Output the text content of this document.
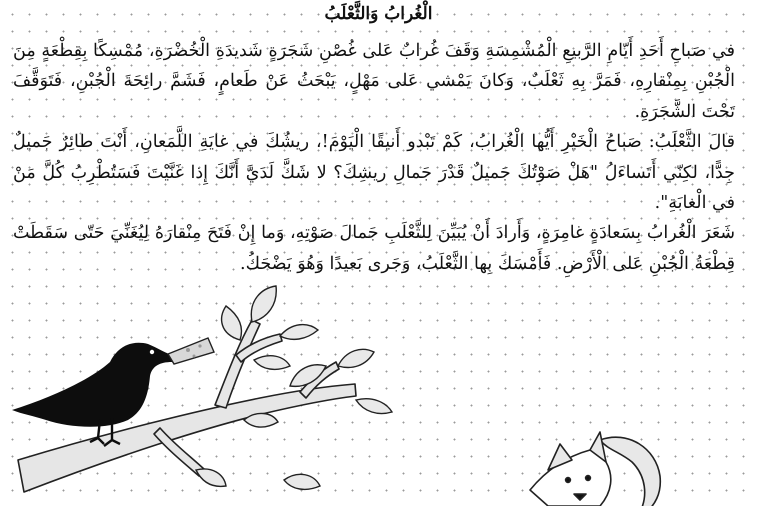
الْغُرابُ وَالثَّعْلَبُ

في صَباحِ أَحَدِ أَيّامِ الرَّبيعِ الْمُشْمِسَةِ وَقَفَ غُرابٌ عَلى غُصْنِ شَجَرَةٍ شَديدَةِ الْخُضْرَةِ، مُمْسِكًا بِقِطْعَةٍ مِنَ الْجُبْنِ بِمِنْقارِهِ، فَمَرَّ بِهِ ثَعْلَبٌ، وَكانَ يَمْشي عَلى مَهْلٍ، يَبْحَثُ عَنْ طَعامٍ، فَشَمَّ رائِحَةَ الْجُبْنِ، فَتَوَقَّفَ تَحْتَ الشَّجَرَةِ.

قالَ الثَّعْلَبُ: صَباحُ الْخَيْرِ أَيُّها الْغُرابُ، كَمْ تَبْدو أَنيقًا الْيَوْمَ!، ريشُكَ في غايَةِ اللَّمَعانِ، أَنْتَ طائِرٌ جَميلٌ جِدًّا، لكِنّي أَتَساءَلُ "هَلْ صَوْتُكَ جَميلٌ قَدْرَ جَمالِ ريشِكَ؟ لا شَكَّ لَدَيَّ أَنَّكَ إِذا غَنَّيْتَ فَسَتُطْرِبُ كُلَّ مَنْ في الْغابَةِ".

شَعَرَ الْغُرابُ بِسَعادَةٍ غامِرَةٍ، وَأَرادَ أَنْ يُبَيِّنَ لِلثَّعْلَبِ جَمالَ صَوْتِهِ، وَما إِنْ فَتَحَ مِنْقارَهُ لِيُغَنِّيَ حَتّى سَقَطَتْ قِطْعَةُ الْجُبْنِ عَلى الْأَرْضِ. فَأَمْسَكَ بِها الثَّعْلَبُ، وَجَرى بَعيدًا وَهُوَ يَضْحَكُ.
